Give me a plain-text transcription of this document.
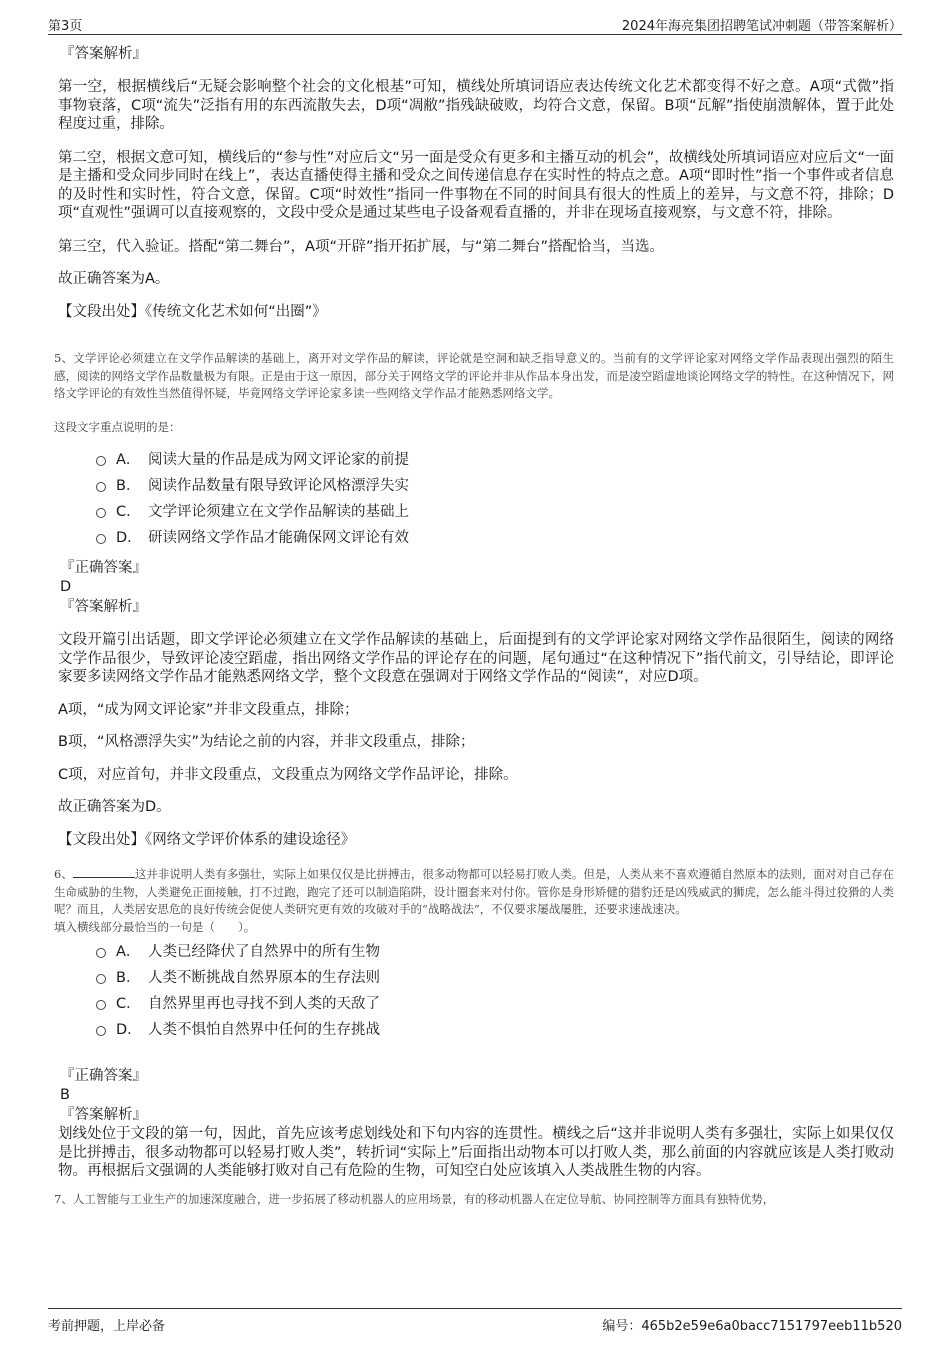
第3页	2024年海亮集团招聘笔试冲刺题（带答案解析）
『答案解析』

第一空，根据横线后“无疑会影响整个社会的文化根基”可知，横线处所填词语应表达传统文化艺术都变得不好之意。A项“式微”指事物衰落，C项“流失”泛指有用的东西流散失去，D项“凋敝”指残缺破败，均符合文意，保留。B项“瓦解”指使崩溃解体，置于此处程度过重，排除。

第二空，根据文意可知，横线后的“参与性”对应后文“另一面是受众有更多和主播互动的机会”，故横线处所填词语应对应后文“一面是主播和受众同步同时在线上”，表达直播使得主播和受众之间传递信息存在实时性的特点之意。A项“即时性”指一个事件或者信息的及时性和实时性，符合文意，保留。C项“时效性”指同一件事物在不同的时间具有很大的性质上的差异，与文意不符，排除；D项“直观性”强调可以直接观察的，文段中受众是通过某些电子设备观看直播的，并非在现场直接观察，与文意不符，排除。

第三空，代入验证。搭配“第二舞台”，A项“开辟”指开拓扩展，与“第二舞台”搭配恰当，当选。

故正确答案为A。

【文段出处】《传统文化艺术如何“出圈”》

5、文学评论必须建立在文学作品解读的基础上，离开对文学作品的解读，评论就是空洞和缺乏指导意义的。当前有的文学评论家对网络文学作品表现出强烈的陌生感，阅读的网络文学作品数量极为有限。正是由于这一原因，部分关于网络文学的评论并非从作品本身出发，而是凌空蹈虚地谈论网络文学的特性。在这种情况下，网络文学评论的有效性当然值得怀疑，毕竟网络文学评论家多读一些网络文学作品才能熟悉网络文学。

这段文字重点说明的是：

A． 阅读大量的作品是成为网文评论家的前提
B． 阅读作品数量有限导致评论风格漂浮失实
C． 文学评论须建立在文学作品解读的基础上
D． 研读网络文学作品才能确保网文评论有效
『正确答案』
D
『答案解析』

文段开篇引出话题，即文学评论必须建立在文学作品解读的基础上，后面提到有的文学评论家对网络文学作品很陌生，阅读的网络文学作品很少，导致评论凌空蹈虚，指出网络文学作品的评论存在的问题，尾句通过“在这种情况下”指代前文，引导结论，即评论家要多读网络文学作品才能熟悉网络文学，整个文段意在强调对于网络文学作品的“阅读”，对应D项。

A项，“成为网文评论家”并非文段重点，排除；

B项，“风格漂浮失实”为结论之前的内容，并非文段重点，排除；

C项，对应首句，并非文段重点，文段重点为网络文学作品评论，排除。

故正确答案为D。

【文段出处】《网络文学评价体系的建设途径》

6、	这并非说明人类有多强壮，实际上如果仅仅是比拼搏击，很多动物都可以轻易打败人类。但是，人类从来不喜欢遵循自然原本的法则，面对对自己存在生命威胁的生物，人类避免正面接触，打不过跑，跑完了还可以制造陷阱，设计圈套来对付你。管你是身形矫健的猎豹还是凶残威武的狮虎，怎么能斗得过狡猾的人类呢？而且，人类居安思危的良好传统会促使人类研究更有效的攻破对手的“战略战法”，不仅要求屡战屡胜，还要求速战速决。

填入横线部分最恰当的一句是（　　）。

A． 人类已经降伏了自然界中的所有生物
B． 人类不断挑战自然界原本的生存法则
C． 自然界里再也寻找不到人类的天敌了
D． 人类不惧怕自然界中任何的生存挑战
『正确答案』
B
『答案解析』

划线处位于文段的第一句，因此，首先应该考虑划线处和下句内容的连贯性。横线之后“这并非说明人类有多强壮，实际上如果仅仅是比拼搏击，很多动物都可以轻易打败人类”，转折词“实际上”后面指出动物本可以打败人类，那么前面的内容就应该是人类打败动物。再根据后文强调的人类能够打败对自己有危险的生物，可知空白处应该填入人类战胜生物的内容。

7、人工智能与工业生产的加速深度融合，进一步拓展了移动机器人的应用场景，有的移动机器人在定位导航、协同控制等方面具有独特优势，

考前押题，上岸必备	编号：465b2e59e6a0bacc7151797eeb11b520
